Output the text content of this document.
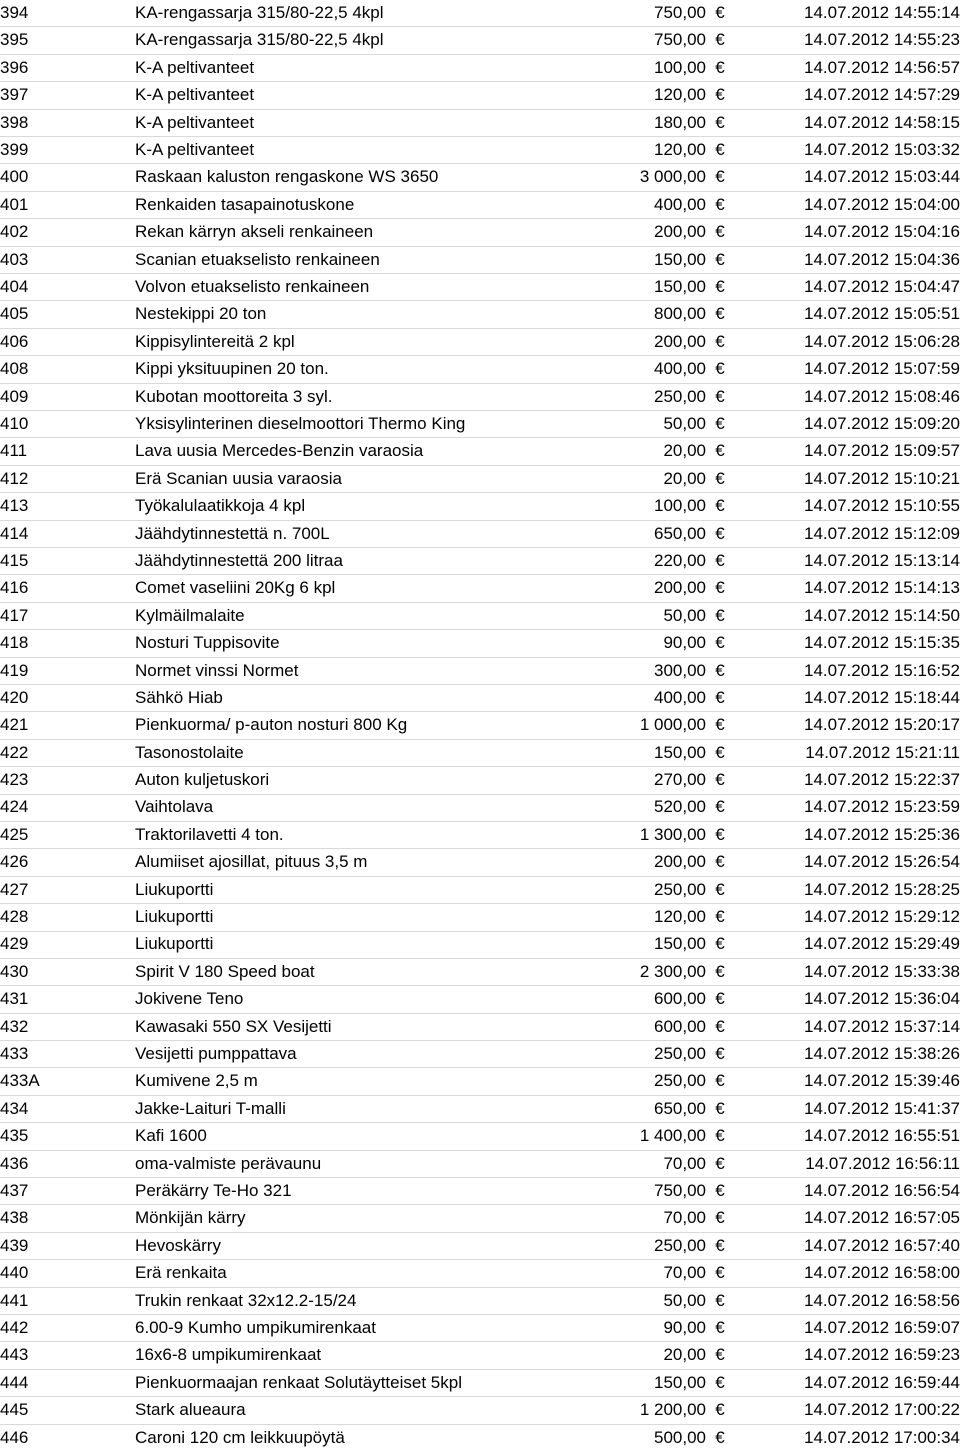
394	KA-rengassarja 315/80-22,5 4kpl	750,00 €	14.07.2012 14:55:14
395	KA-rengassarja 315/80-22,5 4kpl	750,00 €	14.07.2012 14:55:23
396	K-A peltivanteet	100,00 €	14.07.2012 14:56:57
397	K-A peltivanteet	120,00 €	14.07.2012 14:57:29
398	K-A peltivanteet	180,00 €	14.07.2012 14:58:15
399	K-A peltivanteet	120,00 €	14.07.2012 15:03:32
400	Raskaan kaluston rengaskone WS 3650	3 000,00 €	14.07.2012 15:03:44
401	Renkaiden tasapainotuskone	400,00 €	14.07.2012 15:04:00
402	Rekan kärryn akseli renkaineen	200,00 €	14.07.2012 15:04:16
403	Scanian etuakselisto renkaineen	150,00 €	14.07.2012 15:04:36
404	Volvon etuakselisto renkaineen	150,00 €	14.07.2012 15:04:47
405	Nestekippi 20 ton	800,00 €	14.07.2012 15:05:51
406	Kippisylintereitä 2 kpl	200,00 €	14.07.2012 15:06:28
408	Kippi yksituupinen 20 ton.	400,00 €	14.07.2012 15:07:59
409	Kubotan moottoreita 3 syl.	250,00 €	14.07.2012 15:08:46
410	Yksisylinterinen dieselmoottori Thermo King	50,00 €	14.07.2012 15:09:20
411	Lava uusia Mercedes-Benzin varaosia	20,00 €	14.07.2012 15:09:57
412	Erä Scanian uusia varaosia	20,00 €	14.07.2012 15:10:21
413	Työkalulaatikkoja 4 kpl	100,00 €	14.07.2012 15:10:55
414	Jäähdytinnestettä n. 700L	650,00 €	14.07.2012 15:12:09
415	Jäähdytinnestettä 200 litraa	220,00 €	14.07.2012 15:13:14
416	Comet vaseliini 20Kg 6 kpl	200,00 €	14.07.2012 15:14:13
417	Kylmäilmalaite	50,00 €	14.07.2012 15:14:50
418	Nosturi Tuppisovite	90,00 €	14.07.2012 15:15:35
419	Normet vinssi Normet	300,00 €	14.07.2012 15:16:52
420	Sähkö Hiab	400,00 €	14.07.2012 15:18:44
421	Pienkuorma/ p-auton nosturi 800 Kg	1 000,00 €	14.07.2012 15:20:17
422	Tasonostolaite	150,00 €	14.07.2012 15:21:11
423	Auton kuljetuskori	270,00 €	14.07.2012 15:22:37
424	Vaihtolava	520,00 €	14.07.2012 15:23:59
425	Traktorilavetti 4 ton.	1 300,00 €	14.07.2012 15:25:36
426	Alumiiset ajosillat, pituus 3,5 m	200,00 €	14.07.2012 15:26:54
427	Liukuportti	250,00 €	14.07.2012 15:28:25
428	Liukuportti	120,00 €	14.07.2012 15:29:12
429	Liukuportti	150,00 €	14.07.2012 15:29:49
430	Spirit V 180 Speed boat	2 300,00 €	14.07.2012 15:33:38
431	Jokivene Teno	600,00 €	14.07.2012 15:36:04
432	Kawasaki 550 SX Vesijetti	600,00 €	14.07.2012 15:37:14
433	Vesijetti pumppattava	250,00 €	14.07.2012 15:38:26
433A	Kumivene 2,5 m	250,00 €	14.07.2012 15:39:46
434	Jakke-Laituri T-malli	650,00 €	14.07.2012 15:41:37
435	Kafi 1600	1 400,00 €	14.07.2012 16:55:51
436	oma-valmiste perävaunu	70,00 €	14.07.2012 16:56:11
437	Peräkärry Te-Ho 321	750,00 €	14.07.2012 16:56:54
438	Mönkijän kärry	70,00 €	14.07.2012 16:57:05
439	Hevoskärry	250,00 €	14.07.2012 16:57:40
440	Erä renkaita	70,00 €	14.07.2012 16:58:00
441	Trukin renkaat 32x12.2-15/24	50,00 €	14.07.2012 16:58:56
442	6.00-9 Kumho umpikumirenkaat	90,00 €	14.07.2012 16:59:07
443	16x6-8 umpikumirenkaat	20,00 €	14.07.2012 16:59:23
444	Pienkuormaajan renkaat Solutäytteiset 5kpl	150,00 €	14.07.2012 16:59:44
445	Stark alueaura	1 200,00 €	14.07.2012 17:00:22
446	Caroni 120 cm leikkuupöytä	500,00 €	14.07.2012 17:00:34
